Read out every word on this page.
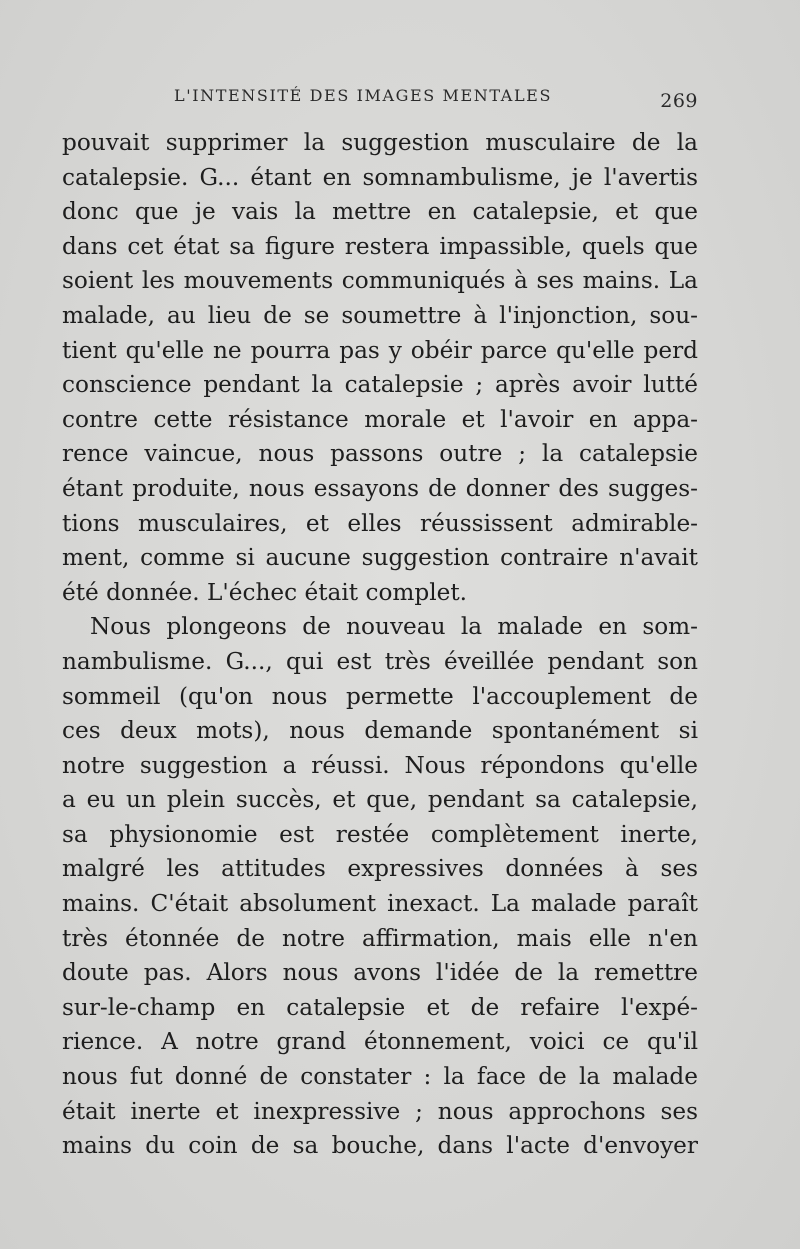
L'INTENSITÉ DES IMAGES MENTALES	269
pouvait supprimer la suggestion musculaire de la
catalepsie. G... étant en somnambulisme, je l'avertis
donc que je vais la mettre en catalepsie, et que
dans cet état sa figure restera impassible, quels que
soient les mouvements communiqués à ses mains. La
malade, au lieu de se soumettre à l'injonction, sou-
tient qu'elle ne pourra pas y obéir parce qu'elle perd
conscience pendant la catalepsie ; après avoir lutté
contre cette résistance morale et l'avoir en appa-
rence vaincue, nous passons outre ; la catalepsie
étant produite, nous essayons de donner des sugges-
tions musculaires, et elles réussissent admirable-
ment, comme si aucune suggestion contraire n'avait
été donnée. L'échec était complet.
Nous plongeons de nouveau la malade en som-
nambulisme. G..., qui est très éveillée pendant son
sommeil (qu'on nous permette l'accouplement de
ces deux mots), nous demande spontanément si
notre suggestion a réussi. Nous répondons qu'elle
a eu un plein succès, et que, pendant sa catalepsie,
sa physionomie est restée complètement inerte,
malgré les attitudes expressives données à ses
mains. C'était absolument inexact. La malade paraît
très étonnée de notre affirmation, mais elle n'en
doute pas. Alors nous avons l'idée de la remettre
sur-le-champ en catalepsie et de refaire l'expé-
rience. A notre grand étonnement, voici ce qu'il
nous fut donné de constater : la face de la malade
était inerte et inexpressive ; nous approchons ses
mains du coin de sa bouche, dans l'acte d'envoyer
